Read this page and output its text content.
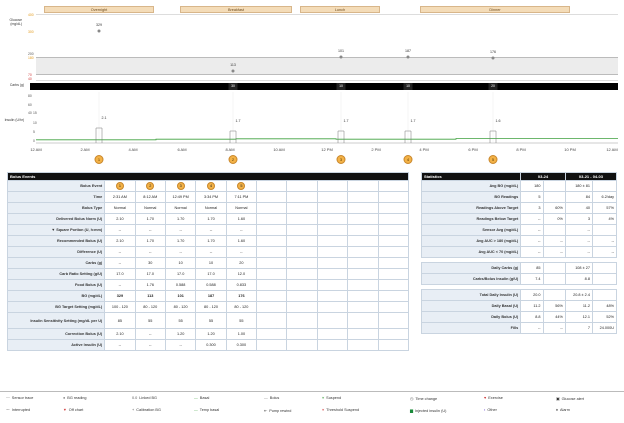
Overnight	Breakfast	Lunch	Dinner
Glucose (mg/dL)
400
300
200
180
70
40
329
113
101	187	176
Carbs (g)	30	10	10	20
80
60
40
Insulin (U/hr)
15
10
5
0
2.1
1.7	1.7	1.7	1.6
12 AM	2 AM	4 AM	6 AM	8 AM	10 AM	12 PM	2 PM	4 PM	6 PM	8 PM	10 PM	12 AM
1	2	3	4	5
Bolus Events										
Bolus Event	1	2	3	4	5					
Time	2:31 AM	8:12 AM	12:49 PM	3:34 PM	7:11 PM					
Bolus Type	Normal	Normal	Normal	Normal	Normal					
Delivered Bolus Norm (U)	2.10	1.70	1.70	1.70	1.60					
▼ Square Portion (U, h:mm)	--	--	--	--	--					
Recommended Bolus (U)	2.10	1.70	1.70	1.70	1.60					
Difference (U)	--	--	--	--	--					
Carbs (g)	--	30	10	10	20					
Carb Ratio Setting (g/U)	17.0	17.0	17.0	17.0	12.0					
Food Bolus (U)	--	1.76	0.588	0.588	0.833					
BG (mg/dL)	329	113	101	187	176					
BG Target Setting (mg/dL)	100 - 120	80 - 120	80 - 120	80 - 120	80 - 120					
Insulin Sensitivity Setting (mg/dL per U)	85	55	55	55	55					
Correction Bolus (U)	2.10	--	1.20	1.20	1.00					
Active Insulin (U)	--	--	--	0.300	0.300					
Statistics	03-24		03-21 - 04-03	
Avg BG (mg/dL)	180		180 ± 81	
BG Readings	5		84	6.2/day
Readings Above Target	3	60%	40	57%
Readings Below Target	--	0%	3	4%
Sensor Avg (mg/dL)	--		--	
Avg AUC > 180 (mg/dL)	--	--	--	--
Avg AUC < 70 (mg/dL)	--	--	--	--

Daily Carbs (g)	85		108 ± 27	
Carbs/Bolus Insulin (g/U)	7.4		8.8	

Total Daily Insulin (U)	20.0		20.8 ± 2.4	
Daily Basal (U)	11.2	56%	11.2	48%
Daily Bolus (U)	8.8	44%	12.1	52%
Fills	--	--	7	24.000U
〰 Sensor trace	● BG reading	0.0 Linked BG	— Basal	— Bolus	⩔ Suspend	◷ Time change	♥ Exercise	▣ Glucose alert
〜 Interrupted	▼ Off chart	+ Calibration BG	— Temp basal	⇤ Pump rewind	⩔ Threshold Suspend	▆ Injected insulin (U)	▪ Other	♦ Alarm
